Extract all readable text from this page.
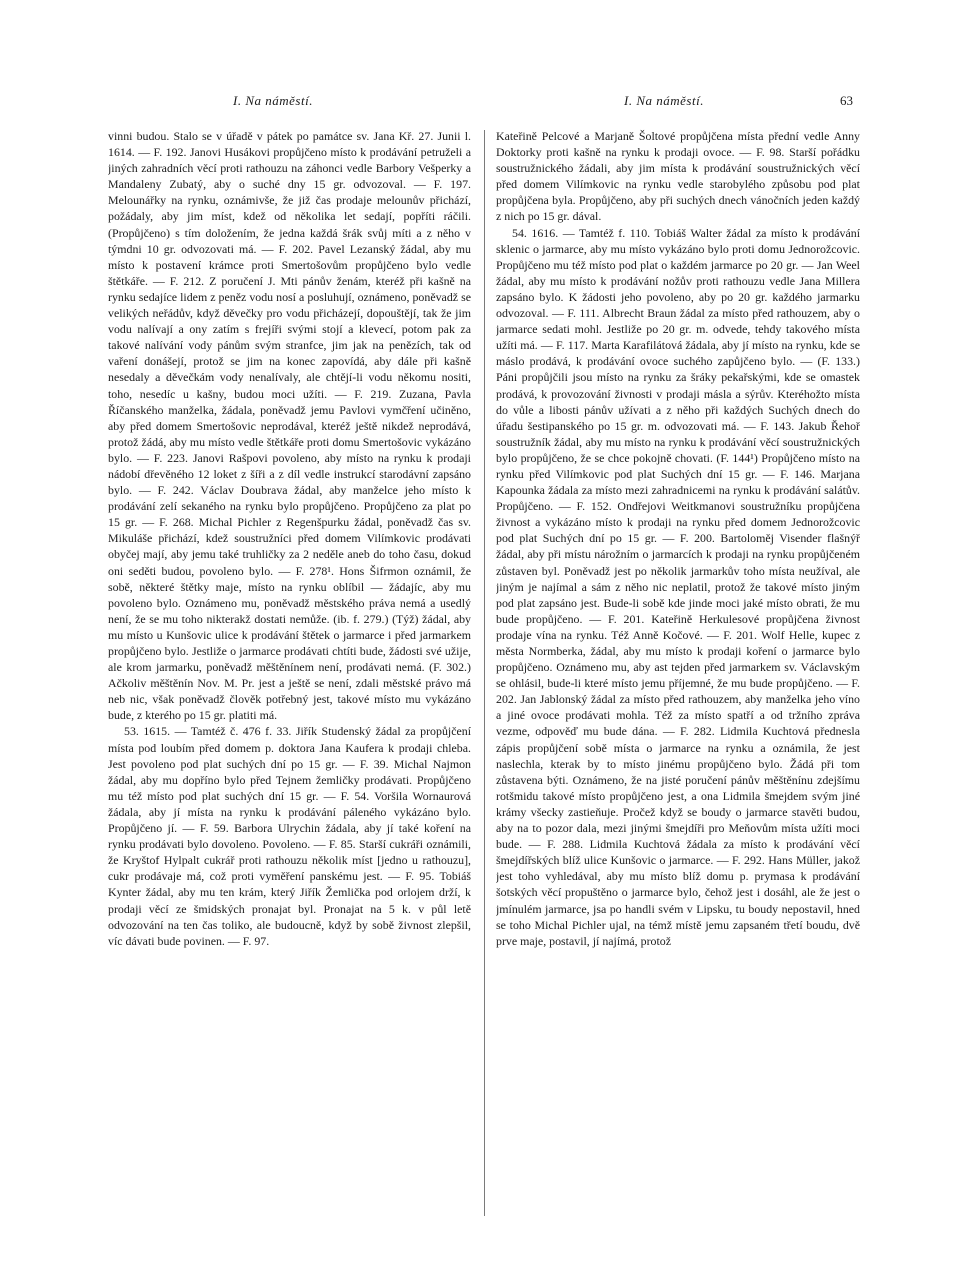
I. Na náměstí.	I. Na náměstí.	63

vinni budou. Stalo se v úřadě v pátek po památce sv. Jana Kř. 27. Junii l. 1614. — F. 192. Janovi Husákovi propůjčeno místo k prodávání petruželi a jiných zahradních věcí proti rathouzu na záhonci vedle Barbory Vešperky a Mandaleny Zubatý, aby o suché dny 15 gr. odvozoval. — F. 197. Melounářky na rynku, oznámivše, že již čas prodaje melounův přichází, požádaly, aby jim míst, kdež od několika let sedají, popříti ráčili. (Propůjčeno) s tím doložením, že jedna každá šrák svůj míti a z něho v týmdni 10 gr. odvozovati má. — F. 202. Pavel Lezanský žádal, aby mu místo k postavení krámce proti Smertošovům propůjčeno bylo vedle štětkáře. — F. 212. Z poručení J. Mti pánův ženám, kteréž při kašně na rynku sedajíce lidem z peněz vodu nosí a posluhují, oznámeno, poněvadž se velikých neřádův, když děvečky pro vodu přicházejí, dopouštějí, tak že jim vodu nalívají a ony zatím s frejíři svými stojí a klevecí, potom pak za takové nalívání vody pánům svým stranfce, jim jak na penězích, tak od vaření donášejí, protož se jim na konec zapovídá, aby dále při kašně nesedaly a děvečkám vody nenalívaly, ale chtějí-li vodu někomu nositi, toho, nesedíc u kašny, budou moci užíti. — F. 219. Zuzana, Pavla Říčanského manželka, žádala, poněvadž jemu Pavlovi vymčření učiněno, aby před domem Smertošovic neprodával, kteréž ještě nikdež neprodává, protož žádá, aby mu místo vedle štětkáře proti domu Smertošovic vykázáno bylo. — F. 223. Janovi Rašpovi povoleno, aby místo na rynku k prodaji nádobí dřevěného 12 loket z šíři a z díl vedle instrukcí starodávní zapsáno bylo. — F. 242. Václav Doubrava žádal, aby manželce jeho místo k prodávání zelí sekaného na rynku bylo propůjčeno. Propůjčeno za plat po 15 gr. — F. 268. Michal Pichler z Regenšpurku žádal, poněvadž čas sv. Mikuláše přichází, kdež soustružníci před domem Vilímkovic prodávati obyčej mají, aby jemu také truhličky za 2 neděle aneb do toho času, dokud oni seděti budou, povoleno bylo. — F. 278¹. Hons Šifrmon oznámil, že sobě, některé štětky maje, místo na rynku oblíbil — žádajíc, aby mu povoleno bylo. Oznámeno mu, poněvadž městského práva nemá a usedlý není, že se mu toho nikterakž dostati nemůže. (ib. f. 279.) (Týž) žádal, aby mu místo u Kunšovic ulice k prodávání štětek o jarmarce i před jarmarkem propůjčeno bylo. Jestliže o jarmarce prodávati chtíti bude, žádosti své užije, ale krom jarmarku, poněvadž měštěnínem není, prodávati nemá. (F. 302.) Ačkoliv měštěnín Nov. M. Pr. jest a ještě se není, zdali městské právo má neb nic, však poněvadž člověk potřebný jest, takové místo mu vykázáno bude, z kterého po 15 gr. platiti má.

53. 1615. — Tamtéž č. 476 f. 33. Jiřík Studenský žádal za propůjčení místa pod loubím před domem p. doktora Jana Kaufera k prodaji chleba. Jest povoleno pod plat suchých dní po 15 gr. — F. 39. Michal Najmon žádal, aby mu dopříno bylo před Tejnem žemličky prodávati. Propůjčeno mu též místo pod plat suchých dní 15 gr. — F. 54. Voršila Wornaurová žádala, aby jí místa na rynku k prodávání páleného vykázáno bylo. Propůjčeno jí. — F. 59. Barbora Ulrychin žádala, aby jí také koření na rynku prodávati bylo dovoleno. Povoleno. — F. 85. Starší cukráři oznámili, že Kryštof Hylpalt cukrář proti rathouzu několik míst [jedno u rathouzu], cukr prodávaje má, což proti vyměření panskému jest. — F. 95. Tobiáš Kynter žádal, aby mu ten krám, který Jiřík Žemlička pod orlojem drží, k prodaji věcí ze šmidských pronajat byl. Pronajat na 5 k. v půl letě odvozování na ten čas toliko, ale budoucně, když by sobě živnost zlepšil, víc dávati bude povinen. — F. 97.

Kateřině Pelcové a Marjaně Šoltové propůjčena místa přední vedle Anny Doktorky proti kašně na rynku k prodaji ovoce. — F. 98. Starší pořádku soustružnického žádali, aby jim místa k prodávání soustružnických věcí před domem Vilímkovic na rynku vedle starobylého způsobu pod plat propůjčena byla. Propůjčeno, aby při suchých dnech vánočních jeden každý z nich po 15 gr. dával.

54. 1616. — Tamtéž f. 110. Tobiáš Walter žádal za místo k prodávání sklenic o jarmarce, aby mu místo vykázáno bylo proti domu Jednorožcovic. Propůjčeno mu též místo pod plat o každém jarmarce po 20 gr. — Jan Weel žádal, aby mu místo k prodávání nožův proti rathouzu vedle Jana Millera zapsáno bylo. K žádosti jeho povoleno, aby po 20 gr. každého jarmarku odvozoval. — F. 111. Albrecht Braun žádal za místo před rathouzem, aby o jarmarce sedati mohl. Jestliže po 20 gr. m. odvede, tehdy takového místa užíti má. — F. 117. Marta Karafilátová žádala, aby jí místo na rynku, kde se máslo prodává, k prodávání ovoce suchého zapůjčeno bylo. — (F. 133.) Páni propůjčili jsou místo na rynku za šráky pekařskými, kde se omastek prodává, k provozování živnosti v prodaji másla a sýrův. Kteréhožto místa do vůle a libosti pánův užívati a z něho při každých Suchých dnech do úřadu šestipanského po 15 gr. m. odvozovati má. — F. 143. Jakub Řehoř soustružník žádal, aby mu místo na rynku k prodávání věcí soustružnických bylo propůjčeno, že se chce pokojně chovati. (F. 144¹) Propůjčeno místo na rynku před Vilímkovic pod plat Suchých dní 15 gr. — F. 146. Marjana Kapounka žádala za místo mezi zahradnicemi na rynku k prodávání salátův. Propůjčeno. — F. 152. Ondřejovi Weitkmanovi soustružníku propůjčena živnost a vykázáno místo k prodaji na rynku před domem Jednorožcovic pod plat Suchých dní po 15 gr. — F. 200. Bartoloměj Visender flašnýř žádal, aby při místu nárožním o jarmarcích k prodaji na rynku propůjčeném zůstaven byl. Poněvadž jest po několik jarmarkův toho místa neužíval, ale jiným je najímal a sám z něho nic neplatil, protož že takové místo jiným pod plat zapsáno jest. Bude-li sobě kde jinde moci jaké místo obrati, že mu bude propůjčeno. — F. 201. Kateřině Herkulesové propůjčena živnost prodaje vína na rynku. Též Anně Kočové. — F. 201. Wolf Helle, kupec z města Normberka, žádal, aby mu místo k prodaji koření o jarmarce bylo propůjčeno. Oznámeno mu, aby ast tejden před jarmarkem sv. Václavským se ohlásil, bude-li které místo jemu příjemné, že mu bude propůjčeno. — F. 202. Jan Jablonský žádal za místo před rathouzem, aby manželka jeho víno a jiné ovoce prodávati mohla. Též za místo spatří a od tržního zpráva vezme, odpověď mu bude dána. — F. 282. Lidmila Kuchtová přednesla zápis propůjčení sobě místa o jarmarce na rynku a oznámila, že jest naslechla, kterak by to místo jinému propůjčeno bylo. Žádá při tom zůstavena býti. Oznámeno, že na jisté poručení pánův měštěnínu zdejšímu rotšmidu takové místo propůjčeno jest, a ona Lidmila šmejdem svým jiné krámy všecky zastieňuje. Pročež když se boudy o jarmarce stavěti budou, aby na to pozor dala, mezi jinými šmejdíři pro Meňovům místa užíti moci bude. — F. 288. Lidmila Kuchtová žádala za místo k prodávání věcí šmejdířských blíž ulice Kunšovic o jarmarce. — F. 292. Hans Müller, jakož jest toho vyhledával, aby mu místo blíž domu p. prymasa k prodávání šotských věcí propuštěno o jarmarce bylo, čehož jest i dosáhl, ale že jest o jmínulém jarmarce, jsa po handli svém v Lipsku, tu boudy nepostavil, hned se toho Michal Pichler ujal, na témž místě jemu zapsaném třetí boudu, dvě prve maje, postavil, jí najímá, protož
